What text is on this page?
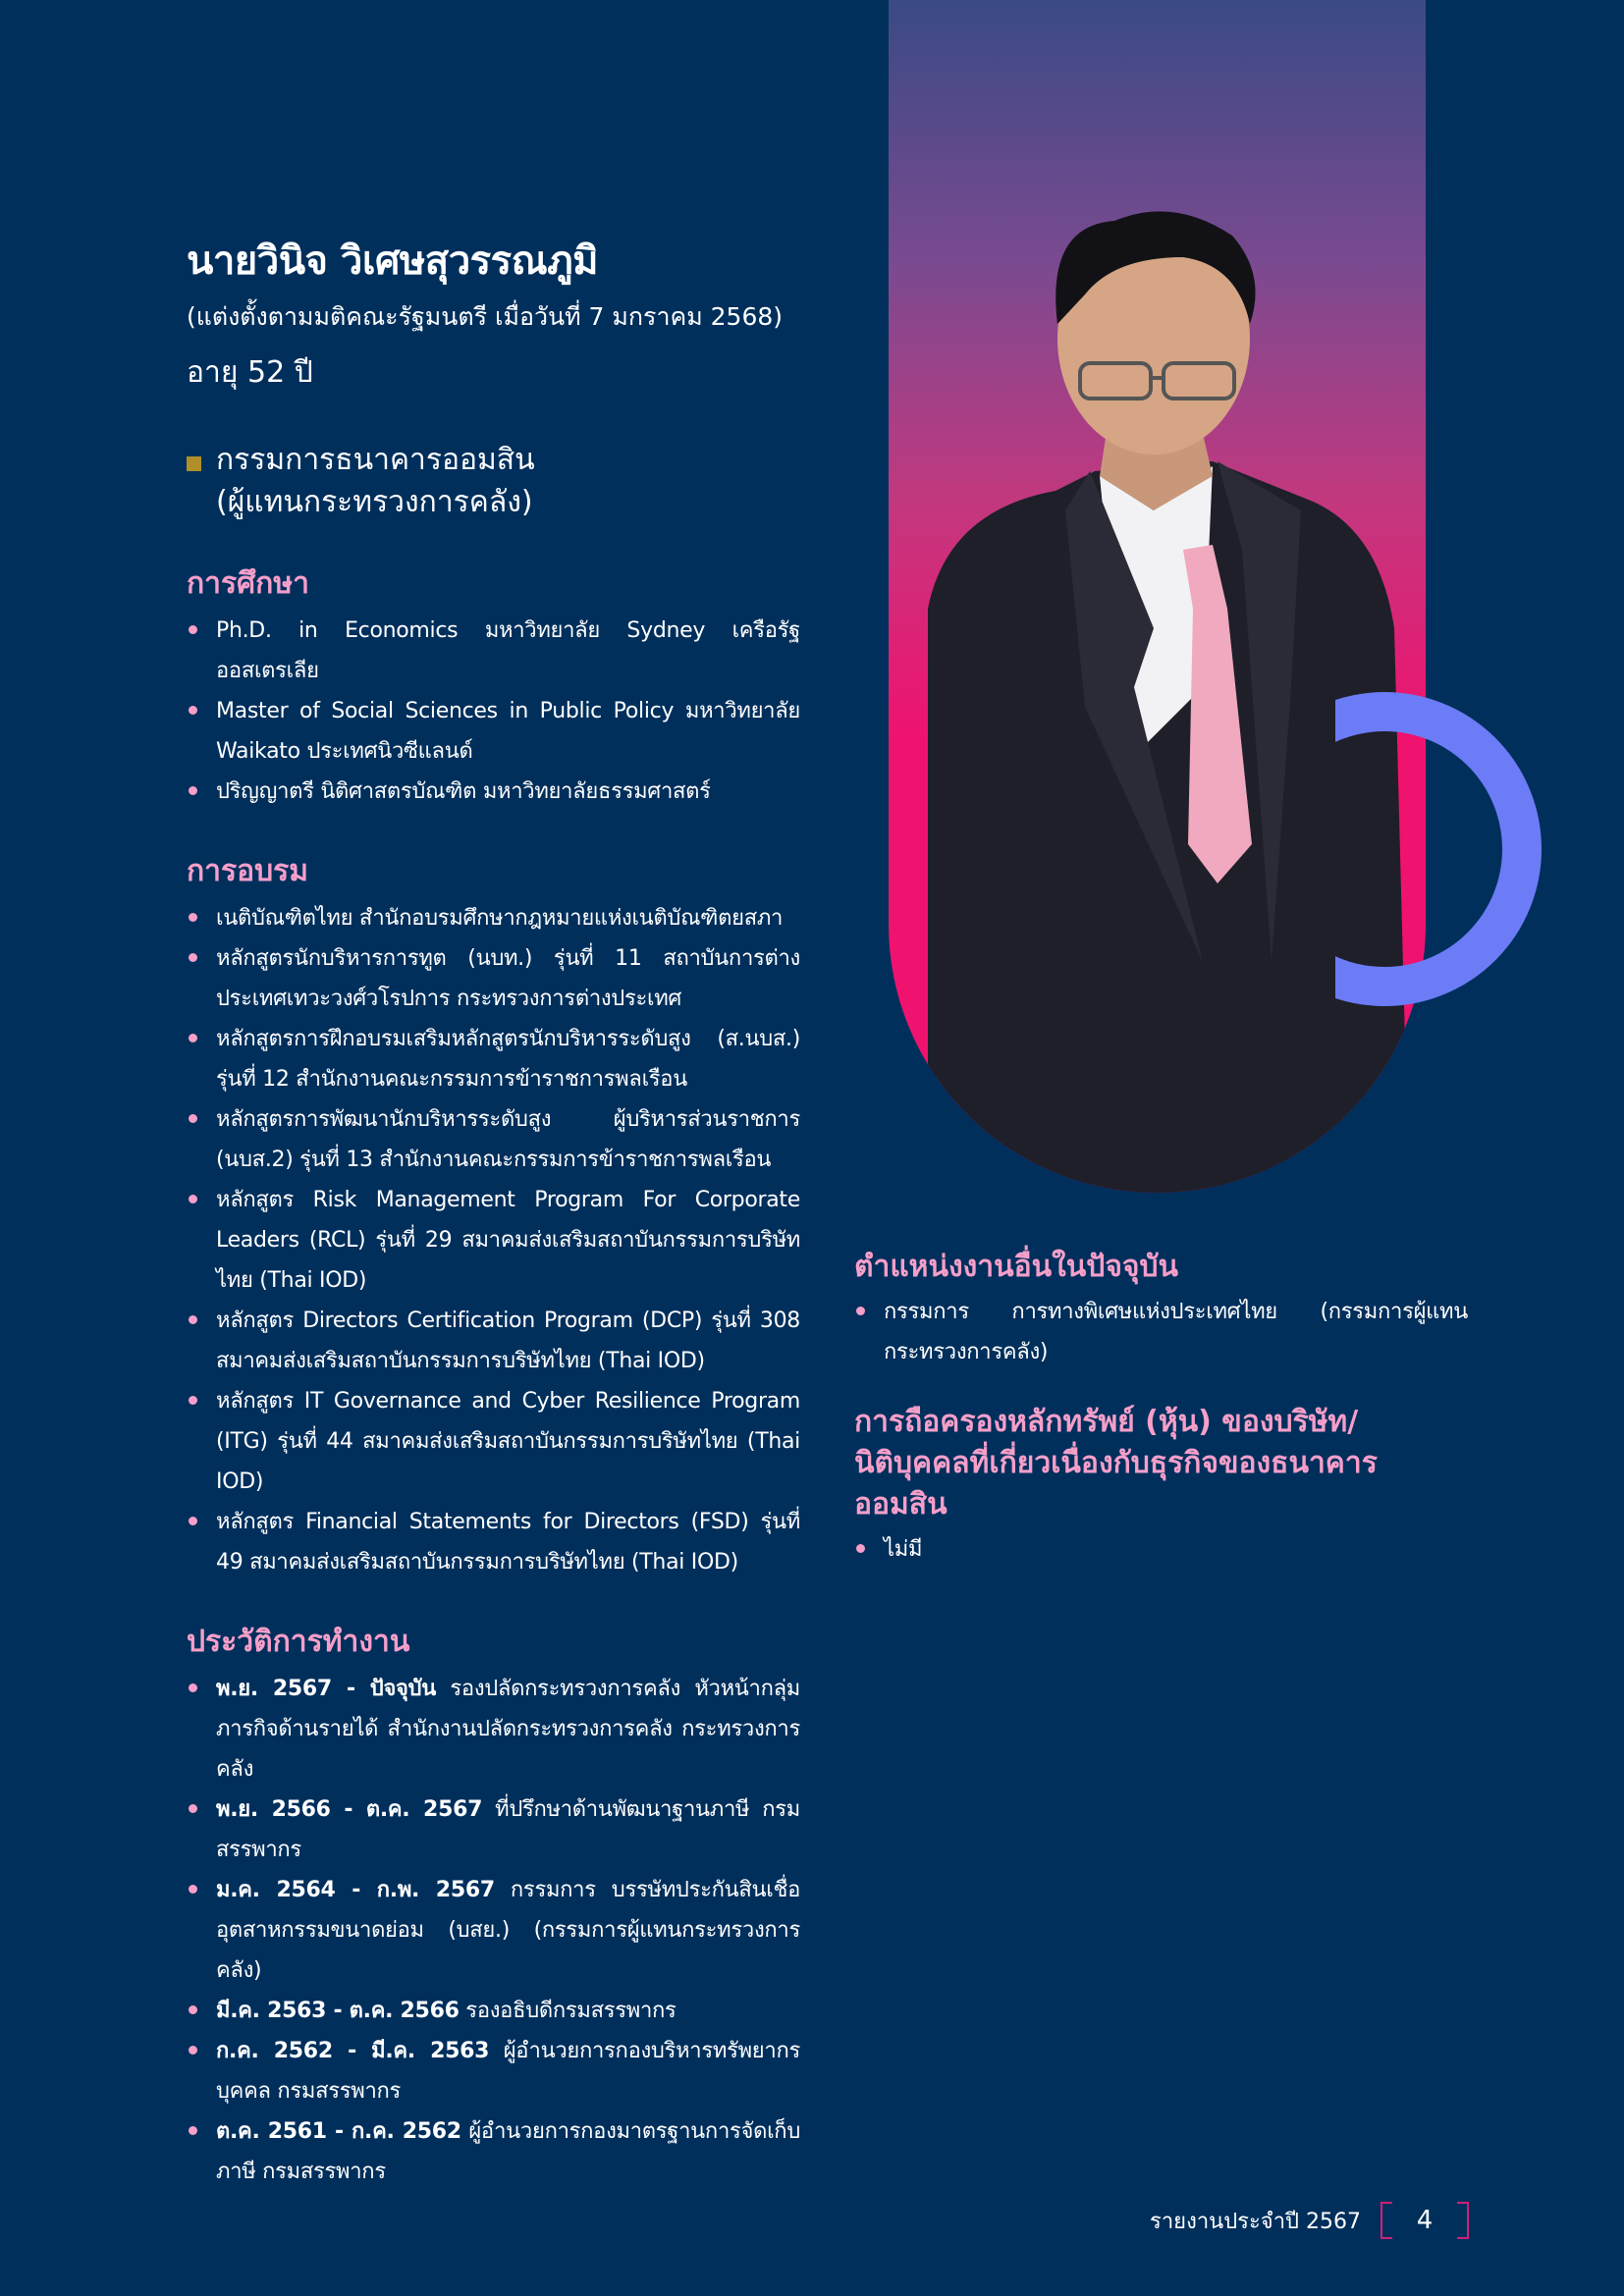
นายวินิจ วิเศษสุวรรณภูมิ
(แต่งตั้งตามมติคณะรัฐมนตรี เมื่อวันที่ 7 มกราคม 2568)
อายุ 52 ปี
กรรมการธนาคารออมสิน
(ผู้แทนกระทรวงการคลัง)
การศึกษา
Ph.D. in Economics มหาวิทยาลัย Sydney เครือรัฐออสเตรเลีย
Master of Social Sciences in Public Policy มหาวิทยาลัย Waikato ประเทศนิวซีแลนด์
ปริญญาตรี นิติศาสตรบัณฑิต มหาวิทยาลัยธรรมศาสตร์
การอบรม
เนติบัณฑิตไทย สำนักอบรมศึกษากฎหมายแห่งเนติบัณฑิตยสภา
หลักสูตรนักบริหารการทูต (นบท.) รุ่นที่ 11 สถาบันการต่างประเทศเทวะวงศ์วโรปการ กระทรวงการต่างประเทศ
หลักสูตรการฝึกอบรมเสริมหลักสูตรนักบริหารระดับสูง (ส.นบส.) รุ่นที่ 12 สำนักงานคณะกรรมการข้าราชการพลเรือน
หลักสูตรการพัฒนานักบริหารระดับสูง ผู้บริหารส่วนราชการ (นบส.2) รุ่นที่ 13 สำนักงานคณะกรรมการข้าราชการพลเรือน
หลักสูตร Risk Management Program For Corporate Leaders (RCL) รุ่นที่ 29 สมาคมส่งเสริมสถาบันกรรมการบริษัทไทย (Thai IOD)
หลักสูตร Directors Certification Program (DCP) รุ่นที่ 308 สมาคมส่งเสริมสถาบันกรรมการบริษัทไทย (Thai IOD)
หลักสูตร IT Governance and Cyber Resilience Program (ITG) รุ่นที่ 44 สมาคมส่งเสริมสถาบันกรรมการบริษัทไทย (Thai IOD)
หลักสูตร Financial Statements for Directors (FSD) รุ่นที่ 49 สมาคมส่งเสริมสถาบันกรรมการบริษัทไทย (Thai IOD)
ประวัติการทำงาน
พ.ย. 2567 - ปัจจุบัน รองปลัดกระทรวงการคลัง หัวหน้ากลุ่มภารกิจด้านรายได้ สำนักงานปลัดกระทรวงการคลัง กระทรวงการคลัง
พ.ย. 2566 - ต.ค. 2567 ที่ปรึกษาด้านพัฒนาฐานภาษี กรมสรรพากร
ม.ค. 2564 - ก.พ. 2567 กรรมการ บรรษัทประกันสินเชื่ออุตสาหกรรมขนาดย่อม (บสย.) (กรรมการผู้แทนกระทรวงการคลัง)
มี.ค. 2563 - ต.ค. 2566 รองอธิบดีกรมสรรพากร
ก.ค. 2562 - มี.ค. 2563 ผู้อำนวยการกองบริหารทรัพยากรบุคคล กรมสรรพากร
ต.ค. 2561 - ก.ค. 2562 ผู้อำนวยการกองมาตรฐานการจัดเก็บภาษี กรมสรรพากร
ตำแหน่งงานอื่นในปัจจุบัน
กรรมการ การทางพิเศษแห่งประเทศไทย (กรรมการผู้แทนกระทรวงการคลัง)
การถือครองหลักทรัพย์ (หุ้น) ของบริษัท/
นิติบุคคลที่เกี่ยวเนื่องกับธุรกิจของธนาคารออมสิน
ไม่มี
รายงานประจำปี 2567 4
